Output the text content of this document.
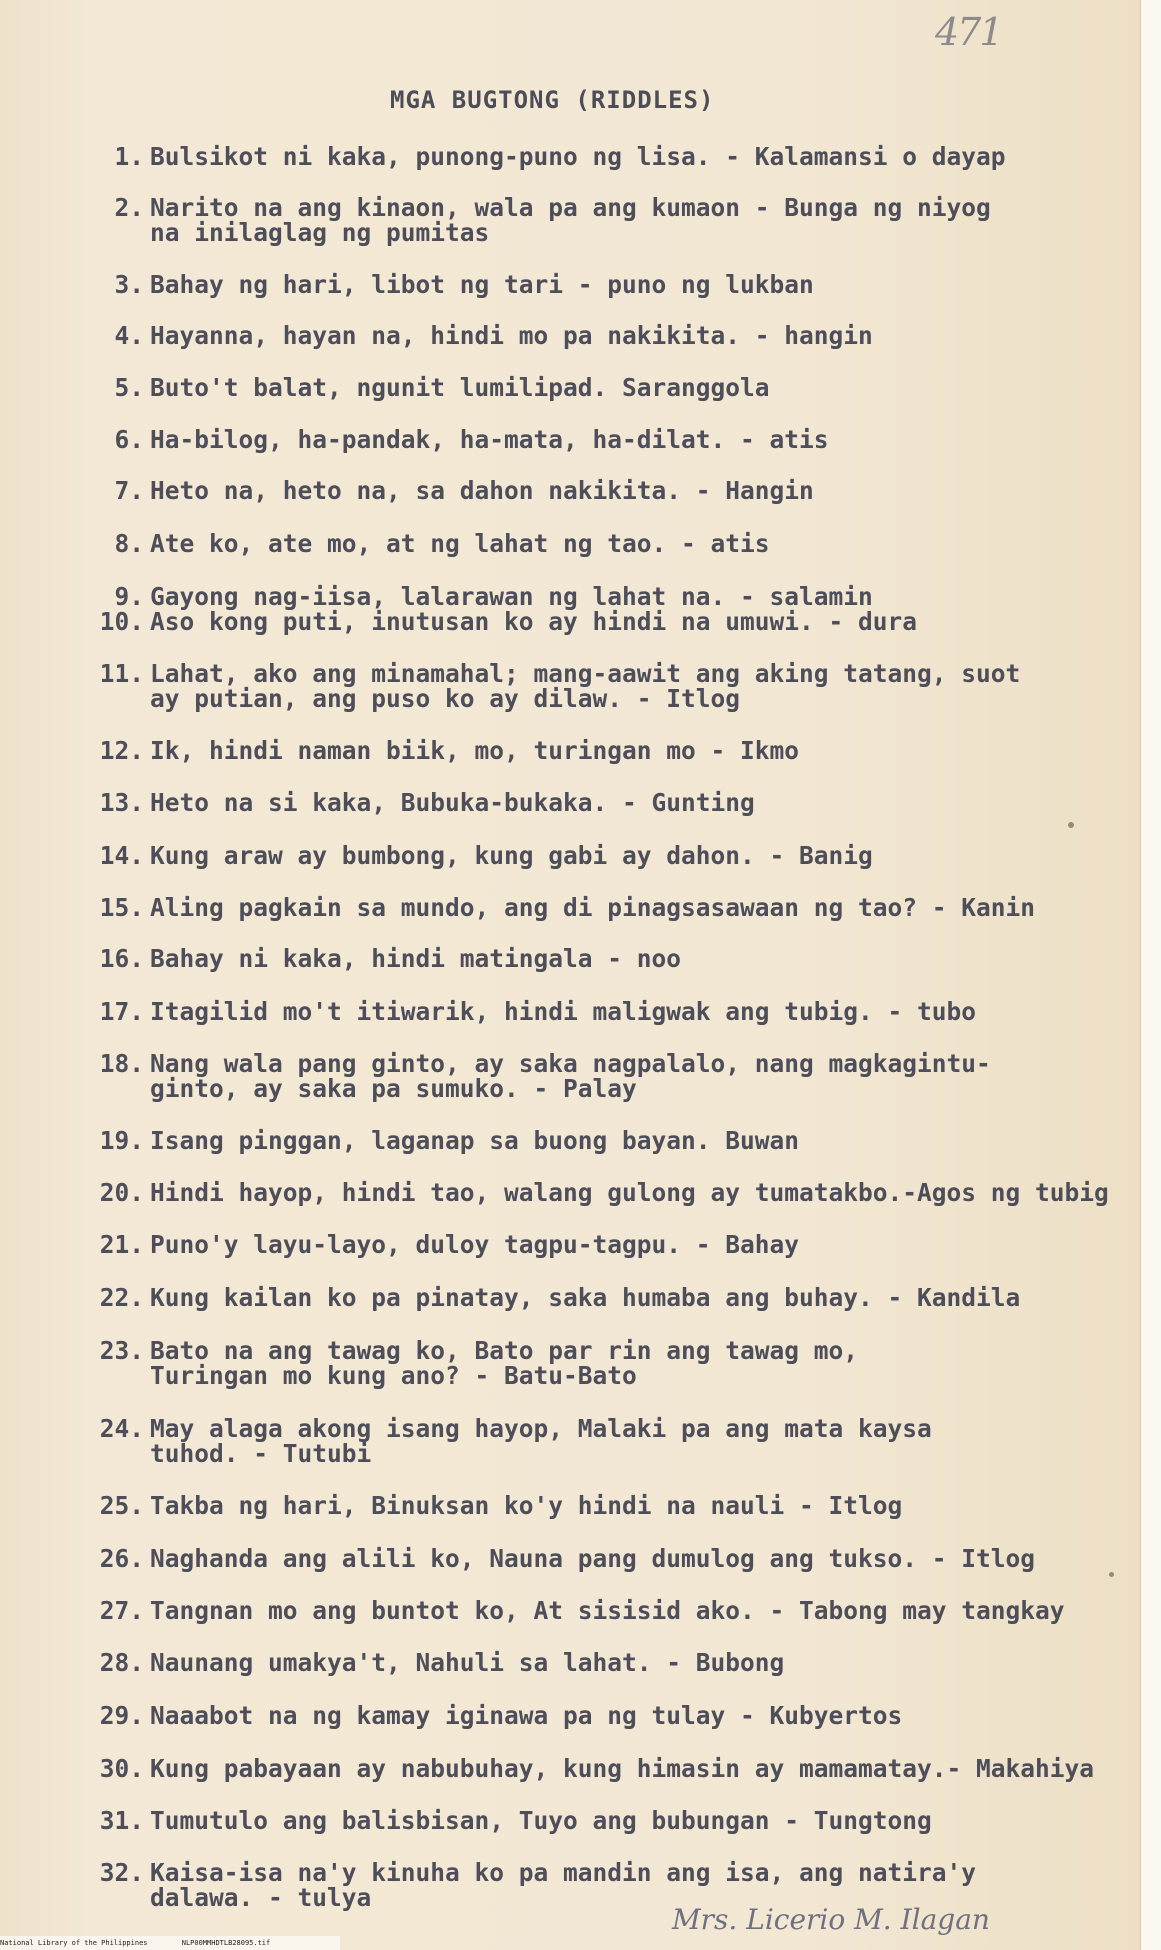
471
MGA BUGTONG (RIDDLES)
1. Bulsikot ni kaka, punong-puno ng lisa. - Kalamansi o dayap
2. Narito na ang kinaon, wala pa ang kumaon - Bunga ng niyog
na inilaglag ng pumitas
3. Bahay ng hari, libot ng tari - puno ng lukban
4. Hayanna, hayan na, hindi mo pa nakikita. - hangin
5. Buto't balat, ngunit lumilipad. Saranggola
6. Ha-bilog, ha-pandak, ha-mata, ha-dilat. - atis
7. Heto na, heto na, sa dahon nakikita. - Hangin
8. Ate ko, ate mo, at ng lahat ng tao. - atis
9. Gayong nag-iisa, lalarawan ng lahat na. - salamin
10. Aso kong puti, inutusan ko ay hindi na umuwi. - dura
11. Lahat, ako ang minamahal; mang-aawit ang aking tatang, suot
ay putian, ang puso ko ay dilaw. - Itlog
12. Ik, hindi naman biik, mo, turingan mo - Ikmo
13. Heto na si kaka, Bubuka-bukaka. - Gunting
14. Kung araw ay bumbong, kung gabi ay dahon. - Banig
15. Aling pagkain sa mundo, ang di pinagsasawaan ng tao? - Kanin
16. Bahay ni kaka, hindi matingala - noo
17. Itagilid mo't itiwarik, hindi maligwak ang tubig. - tubo
18. Nang wala pang ginto, ay saka nagpalalo, nang magkagintu-
ginto, ay saka pa sumuko. - Palay
19. Isang pinggan, laganap sa buong bayan. Buwan
20. Hindi hayop, hindi tao, walang gulong ay tumatakbo.-Agos ng tubig
21. Puno'y layu-layo, duloy tagpu-tagpu. - Bahay
22. Kung kailan ko pa pinatay, saka humaba ang buhay. - Kandila
23. Bato na ang tawag ko, Bato par rin ang tawag mo,
Turingan mo kung ano? - Batu-Bato
24. May alaga akong isang hayop, Malaki pa ang mata kaysa
tuhod. - Tutubi
25. Takba ng hari, Binuksan ko'y hindi na nauli - Itlog
26. Naghanda ang alili ko, Nauna pang dumulog ang tukso. - Itlog
27. Tangnan mo ang buntot ko, At sisisid ako. - Tabong may tangkay
28. Naunang umakya't, Nahuli sa lahat. - Bubong
29. Naaabot na ng kamay iginawa pa ng tulay - Kubyertos
30. Kung pabayaan ay nabubuhay, kung himasin ay mamamatay.- Makahiya
31. Tumutulo ang balisbisan, Tuyo ang bubungan - Tungtong
32. Kaisa-isa na'y kinuha ko pa mandin ang isa, ang natira'y
dalawa. - tulya
Mrs. Licerio M. Ilagan
National Library of the Philippines	NLP00MMHDTLB28095.tif
